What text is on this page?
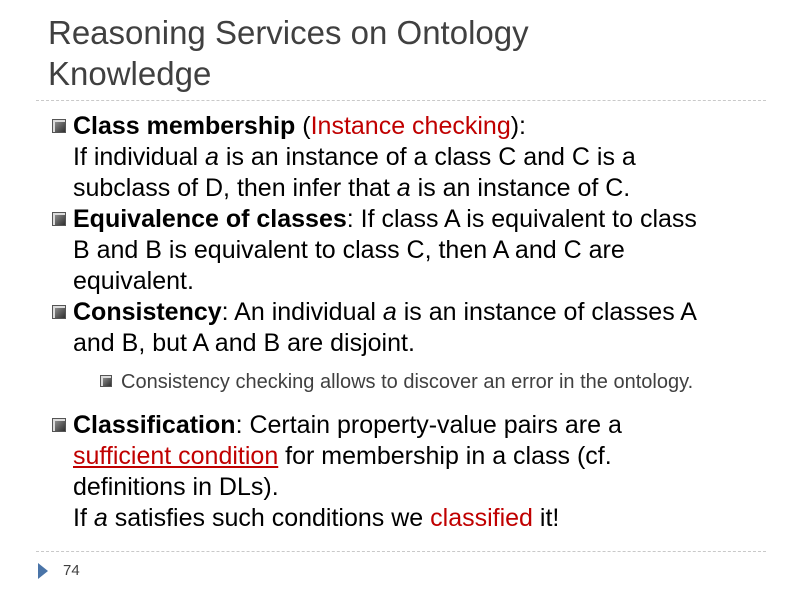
Reasoning Services on Ontology
Knowledge
Class membership (Instance checking):
If individual a is an instance of a class C and C is a
subclass of D, then infer that a is an instance of C.
Equivalence of classes: If class A is equivalent to class
B and B is equivalent to class C, then A and C are
equivalent.
Consistency: An individual a is an instance of classes A
and B, but A and B are disjoint.
Consistency checking allows to discover an error in the ontology.
Classification: Certain property-value pairs are a
sufficient condition for membership in a class (cf.
definitions in DLs).
If a satisfies such conditions we classified it!
74
